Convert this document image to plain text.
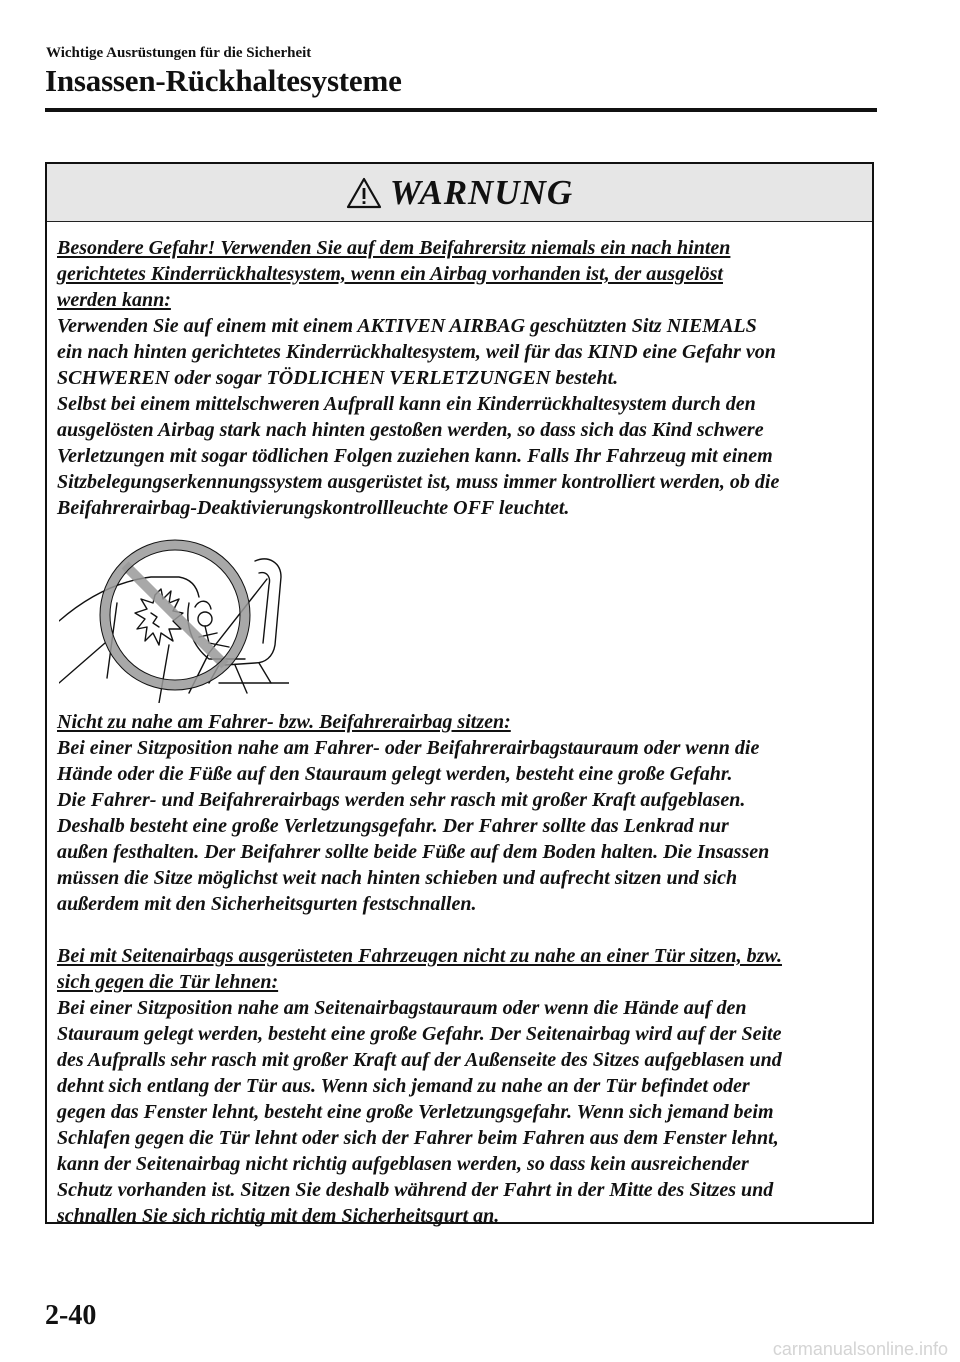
Wichtige Ausrüstungen für die Sicherheit
Insassen-Rückhaltesysteme
WARNUNG

Besondere Gefahr! Verwenden Sie auf dem Beifahrersitz niemals ein nach hinten

gerichtetes Kinderrückhaltesystem, wenn ein Airbag vorhanden ist, der ausgelöst

werden kann:

Verwenden Sie auf einem mit einem AKTIVEN AIRBAG geschützten Sitz NIEMALS

ein nach hinten gerichtetes Kinderrückhaltesystem, weil für das KIND eine Gefahr von

SCHWEREN oder sogar TÖDLICHEN VERLETZUNGEN besteht.

Selbst bei einem mittelschweren Aufprall kann ein Kinderrückhaltesystem durch den

ausgelösten Airbag stark nach hinten gestoßen werden, so dass sich das Kind schwere

Verletzungen mit sogar tödlichen Folgen zuziehen kann. Falls Ihr Fahrzeug mit einem

Sitzbelegungserkennungssystem ausgerüstet ist, muss immer kontrolliert werden, ob die

Beifahrerairbag-Deaktivierungskontrollleuchte OFF leuchtet.

Nicht zu nahe am Fahrer- bzw. Beifahrerairbag sitzen:

Bei einer Sitzposition nahe am Fahrer- oder Beifahrerairbagstauraum oder wenn die

Hände oder die Füße auf den Stauraum gelegt werden, besteht eine große Gefahr.

Die Fahrer- und Beifahrerairbags werden sehr rasch mit großer Kraft aufgeblasen.

Deshalb besteht eine große Verletzungsgefahr. Der Fahrer sollte das Lenkrad nur

außen festhalten. Der Beifahrer sollte beide Füße auf dem Boden halten. Die Insassen

müssen die Sitze möglichst weit nach hinten schieben und aufrecht sitzen und sich

außerdem mit den Sicherheitsgurten festschnallen.

Bei mit Seitenairbags ausgerüsteten Fahrzeugen nicht zu nahe an einer Tür sitzen, bzw.

sich gegen die Tür lehnen:

Bei einer Sitzposition nahe am Seitenairbagstauraum oder wenn die Hände auf den

Stauraum gelegt werden, besteht eine große Gefahr. Der Seitenairbag wird auf der Seite

des Aufpralls sehr rasch mit großer Kraft auf der Außenseite des Sitzes aufgeblasen und

dehnt sich entlang der Tür aus. Wenn sich jemand zu nahe an der Tür befindet oder

gegen das Fenster lehnt, besteht eine große Verletzungsgefahr. Wenn sich jemand beim

Schlafen gegen die Tür lehnt oder sich der Fahrer beim Fahren aus dem Fenster lehnt,

kann der Seitenairbag nicht richtig aufgeblasen werden, so dass kein ausreichender

Schutz vorhanden ist. Sitzen Sie deshalb während der Fahrt in der Mitte des Sitzes und

schnallen Sie sich richtig mit dem Sicherheitsgurt an.

2-40
carmanualsonline.info
